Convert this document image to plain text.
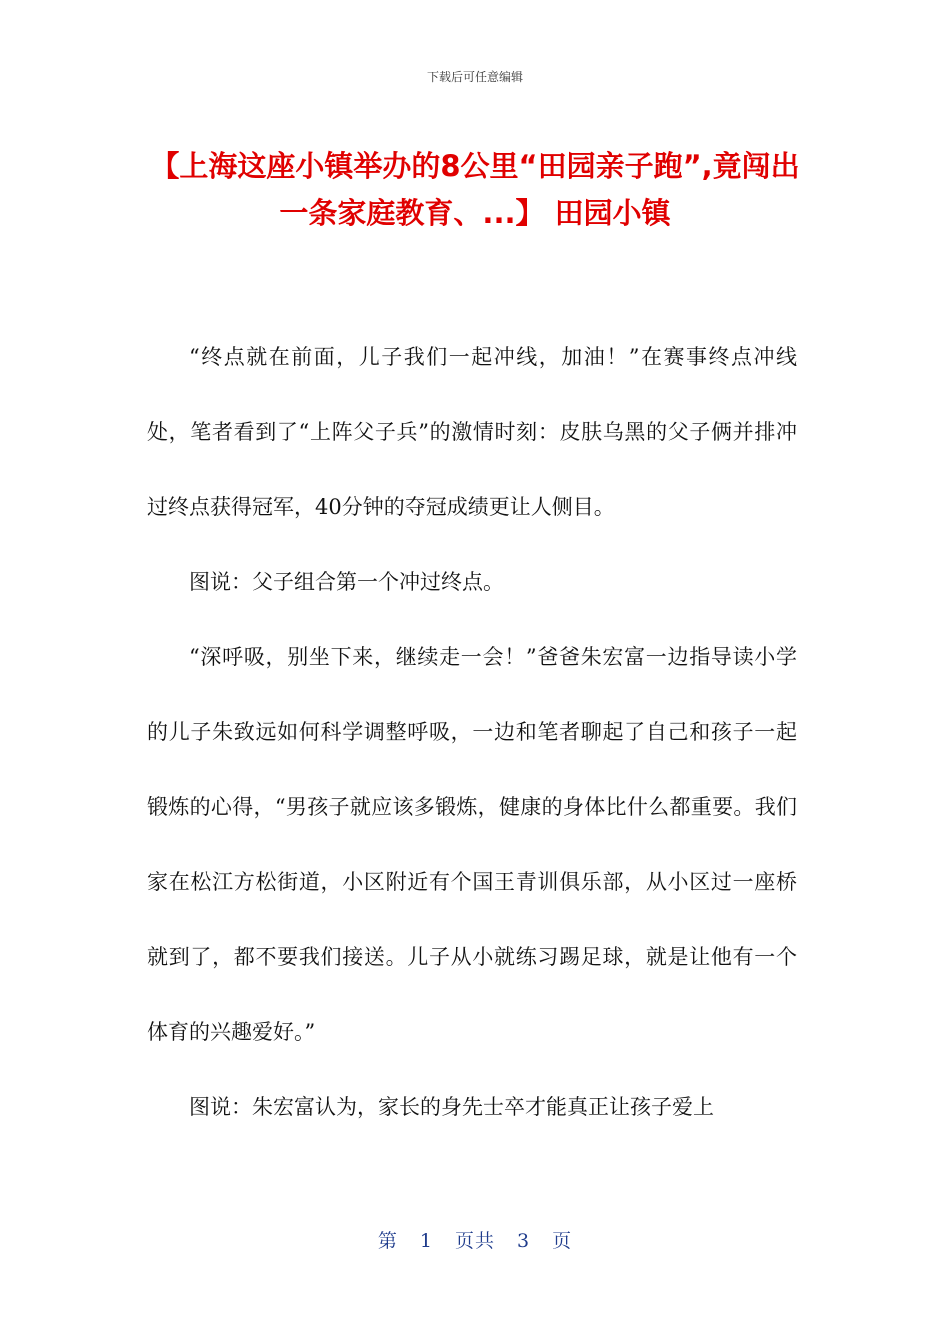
下载后可任意编辑
【上海这座小镇举办的8公里“田园亲子跑”,竟闯出一条家庭教育、...】 田园小镇

“终点就在前面，儿子我们一起冲线，加油！”在赛事终点冲线处，笔者看到了“上阵父子兵”的激情时刻：皮肤乌黑的父子俩并排冲过终点获得冠军，40分钟的夺冠成绩更让人侧目。

图说：父子组合第一个冲过终点。

“深呼吸，别坐下来，继续走一会！”爸爸朱宏富一边指导读小学的儿子朱致远如何科学调整呼吸，一边和笔者聊起了自己和孩子一起锻炼的心得，“男孩子就应该多锻炼，健康的身体比什么都重要。我们家在松江方松街道，小区附近有个国王青训俱乐部，从小区过一座桥就到了，都不要我们接送。儿子从小就练习踢足球，就是让他有一个体育的兴趣爱好。”

图说：朱宏富认为，家长的身先士卒才能真正让孩子爱上

第 1 页共 3 页
